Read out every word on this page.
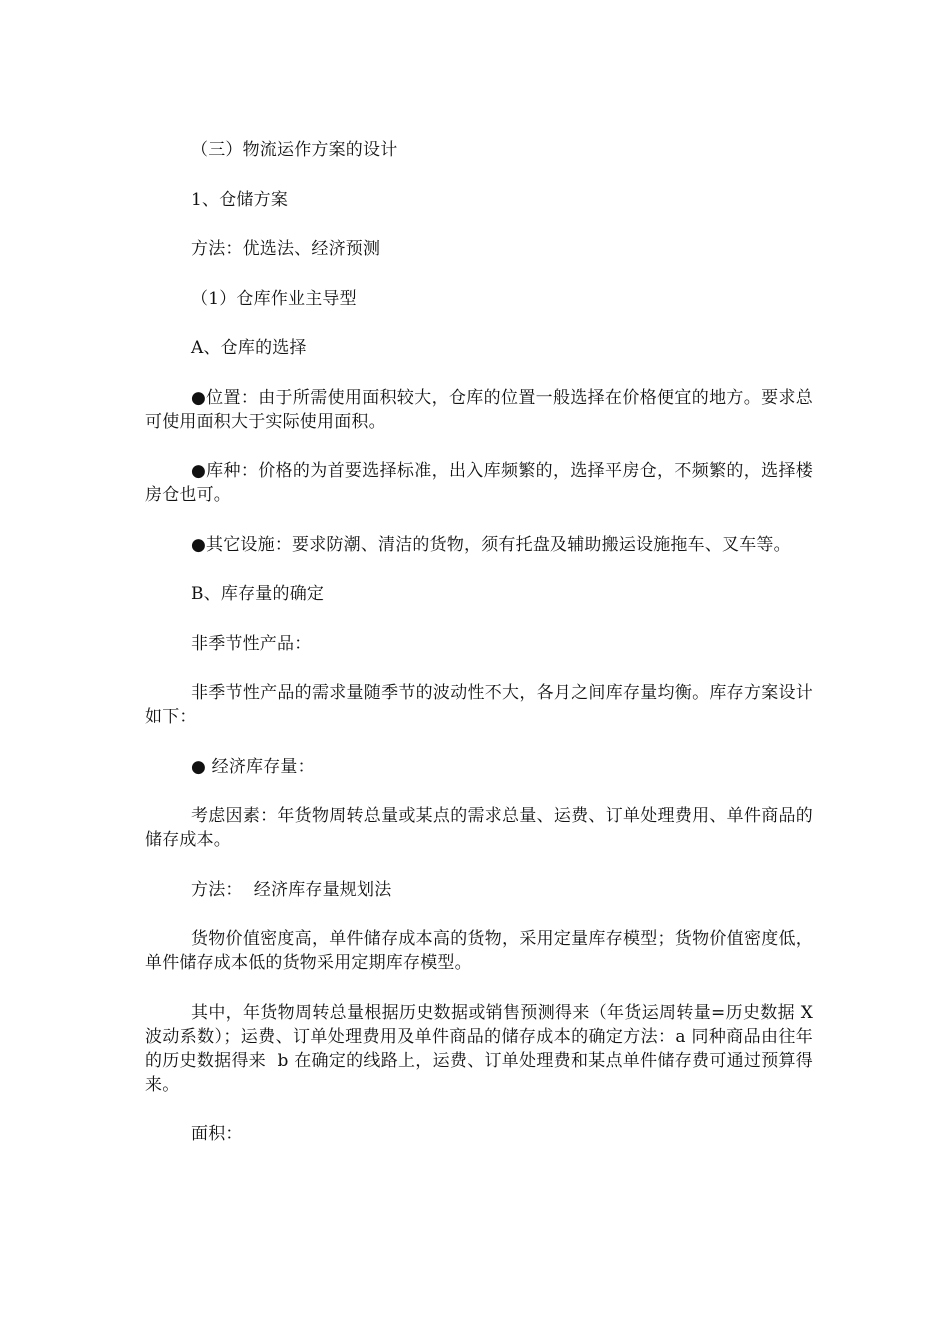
（三）物流运作方案的设计

1、仓储方案

方法：优选法、经济预测

（1）仓库作业主导型

A、仓库的选择

●位置：由于所需使用面积较大，仓库的位置一般选择在价格便宜的地方。要求总可使用面积大于实际使用面积。

●库种：价格的为首要选择标准，出入库频繁的，选择平房仓，不频繁的，选择楼房仓也可。

●其它设施：要求防潮、清洁的货物，须有托盘及辅助搬运设施拖车、叉车等。

B、库存量的确定

非季节性产品：

非季节性产品的需求量随季节的波动性不大，各月之间库存量均衡。库存方案设计如下：

● 经济库存量：

考虑因素：年货物周转总量或某点的需求总量、运费、订单处理费用、单件商品的储存成本。

方法：  经济库存量规划法

货物价值密度高，单件储存成本高的货物，采用定量库存模型；货物价值密度低，单件储存成本低的货物采用定期库存模型。

其中，年货物周转总量根据历史数据或销售预测得来（年货运周转量=历史数据 X 波动系数）；运费、订单处理费用及单件商品的储存成本的确定方法：a 同种商品由往年的历史数据得来  b 在确定的线路上，运费、订单处理费和某点单件储存费可通过预算得来。

面积：
